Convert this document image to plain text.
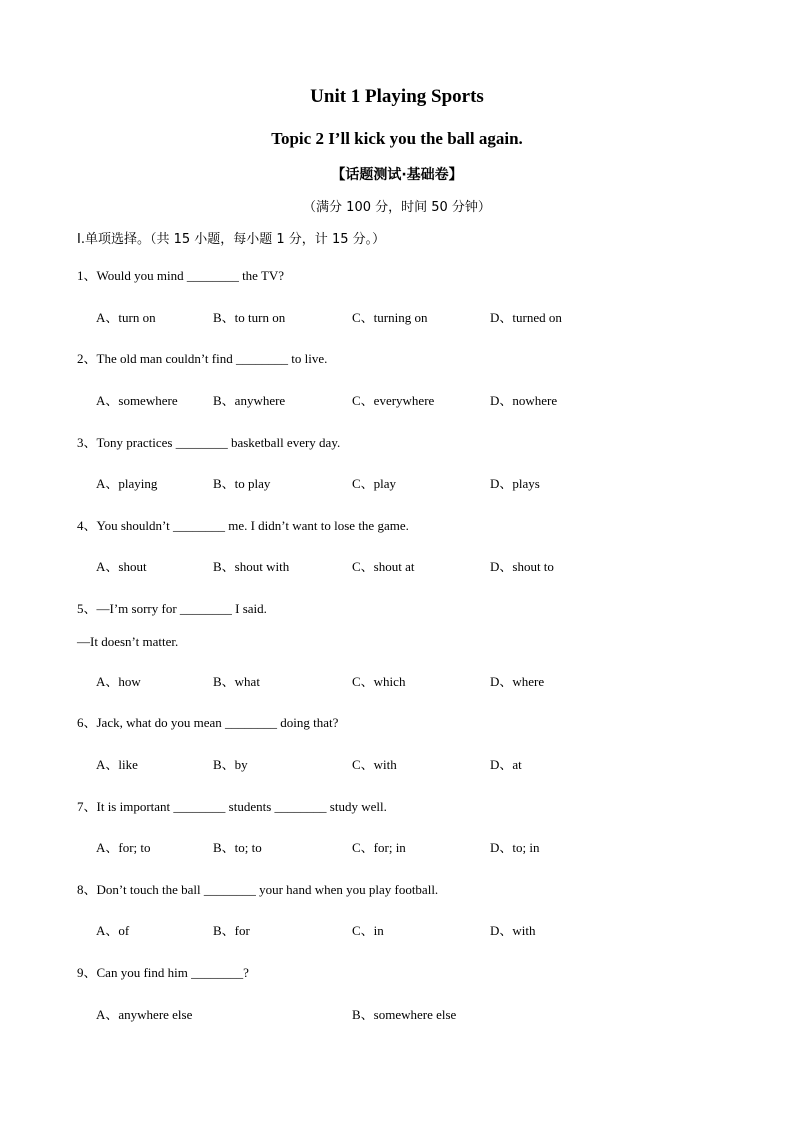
Unit 1 Playing Sports
Topic 2 I’ll kick you the ball again.
【话题测试·基础卷】
（满分 100 分，时间 50 分钟）
I.单项选择。（共 15 小题，每小题 1 分，计 15 分。）
1、Would you mind ________ the TV?
A、turn on	B、to turn on	C、turning on	D、turned on
2、The old man couldn’t find ________ to live.
A、somewhere	B、anywhere	C、everywhere	D、nowhere
3、Tony practices ________ basketball every day.
A、playing	B、to play	C、play	D、plays
4、You shouldn’t ________ me. I didn’t want to lose the game.
A、shout	B、shout with	C、shout at	D、shout to
5、—I’m sorry for ________ I said.
—It doesn’t matter.
A、how	B、what	C、which	D、where
6、Jack, what do you mean ________ doing that?
A、like	B、by	C、with	D、at
7、It is important ________ students ________ study well.
A、for; to	B、to; to	C、for; in	D、to; in
8、Don’t touch the ball ________ your hand when you play football.
A、of	B、for	C、in	D、with
9、Can you find him ________?
A、anywhere else	B、somewhere else
